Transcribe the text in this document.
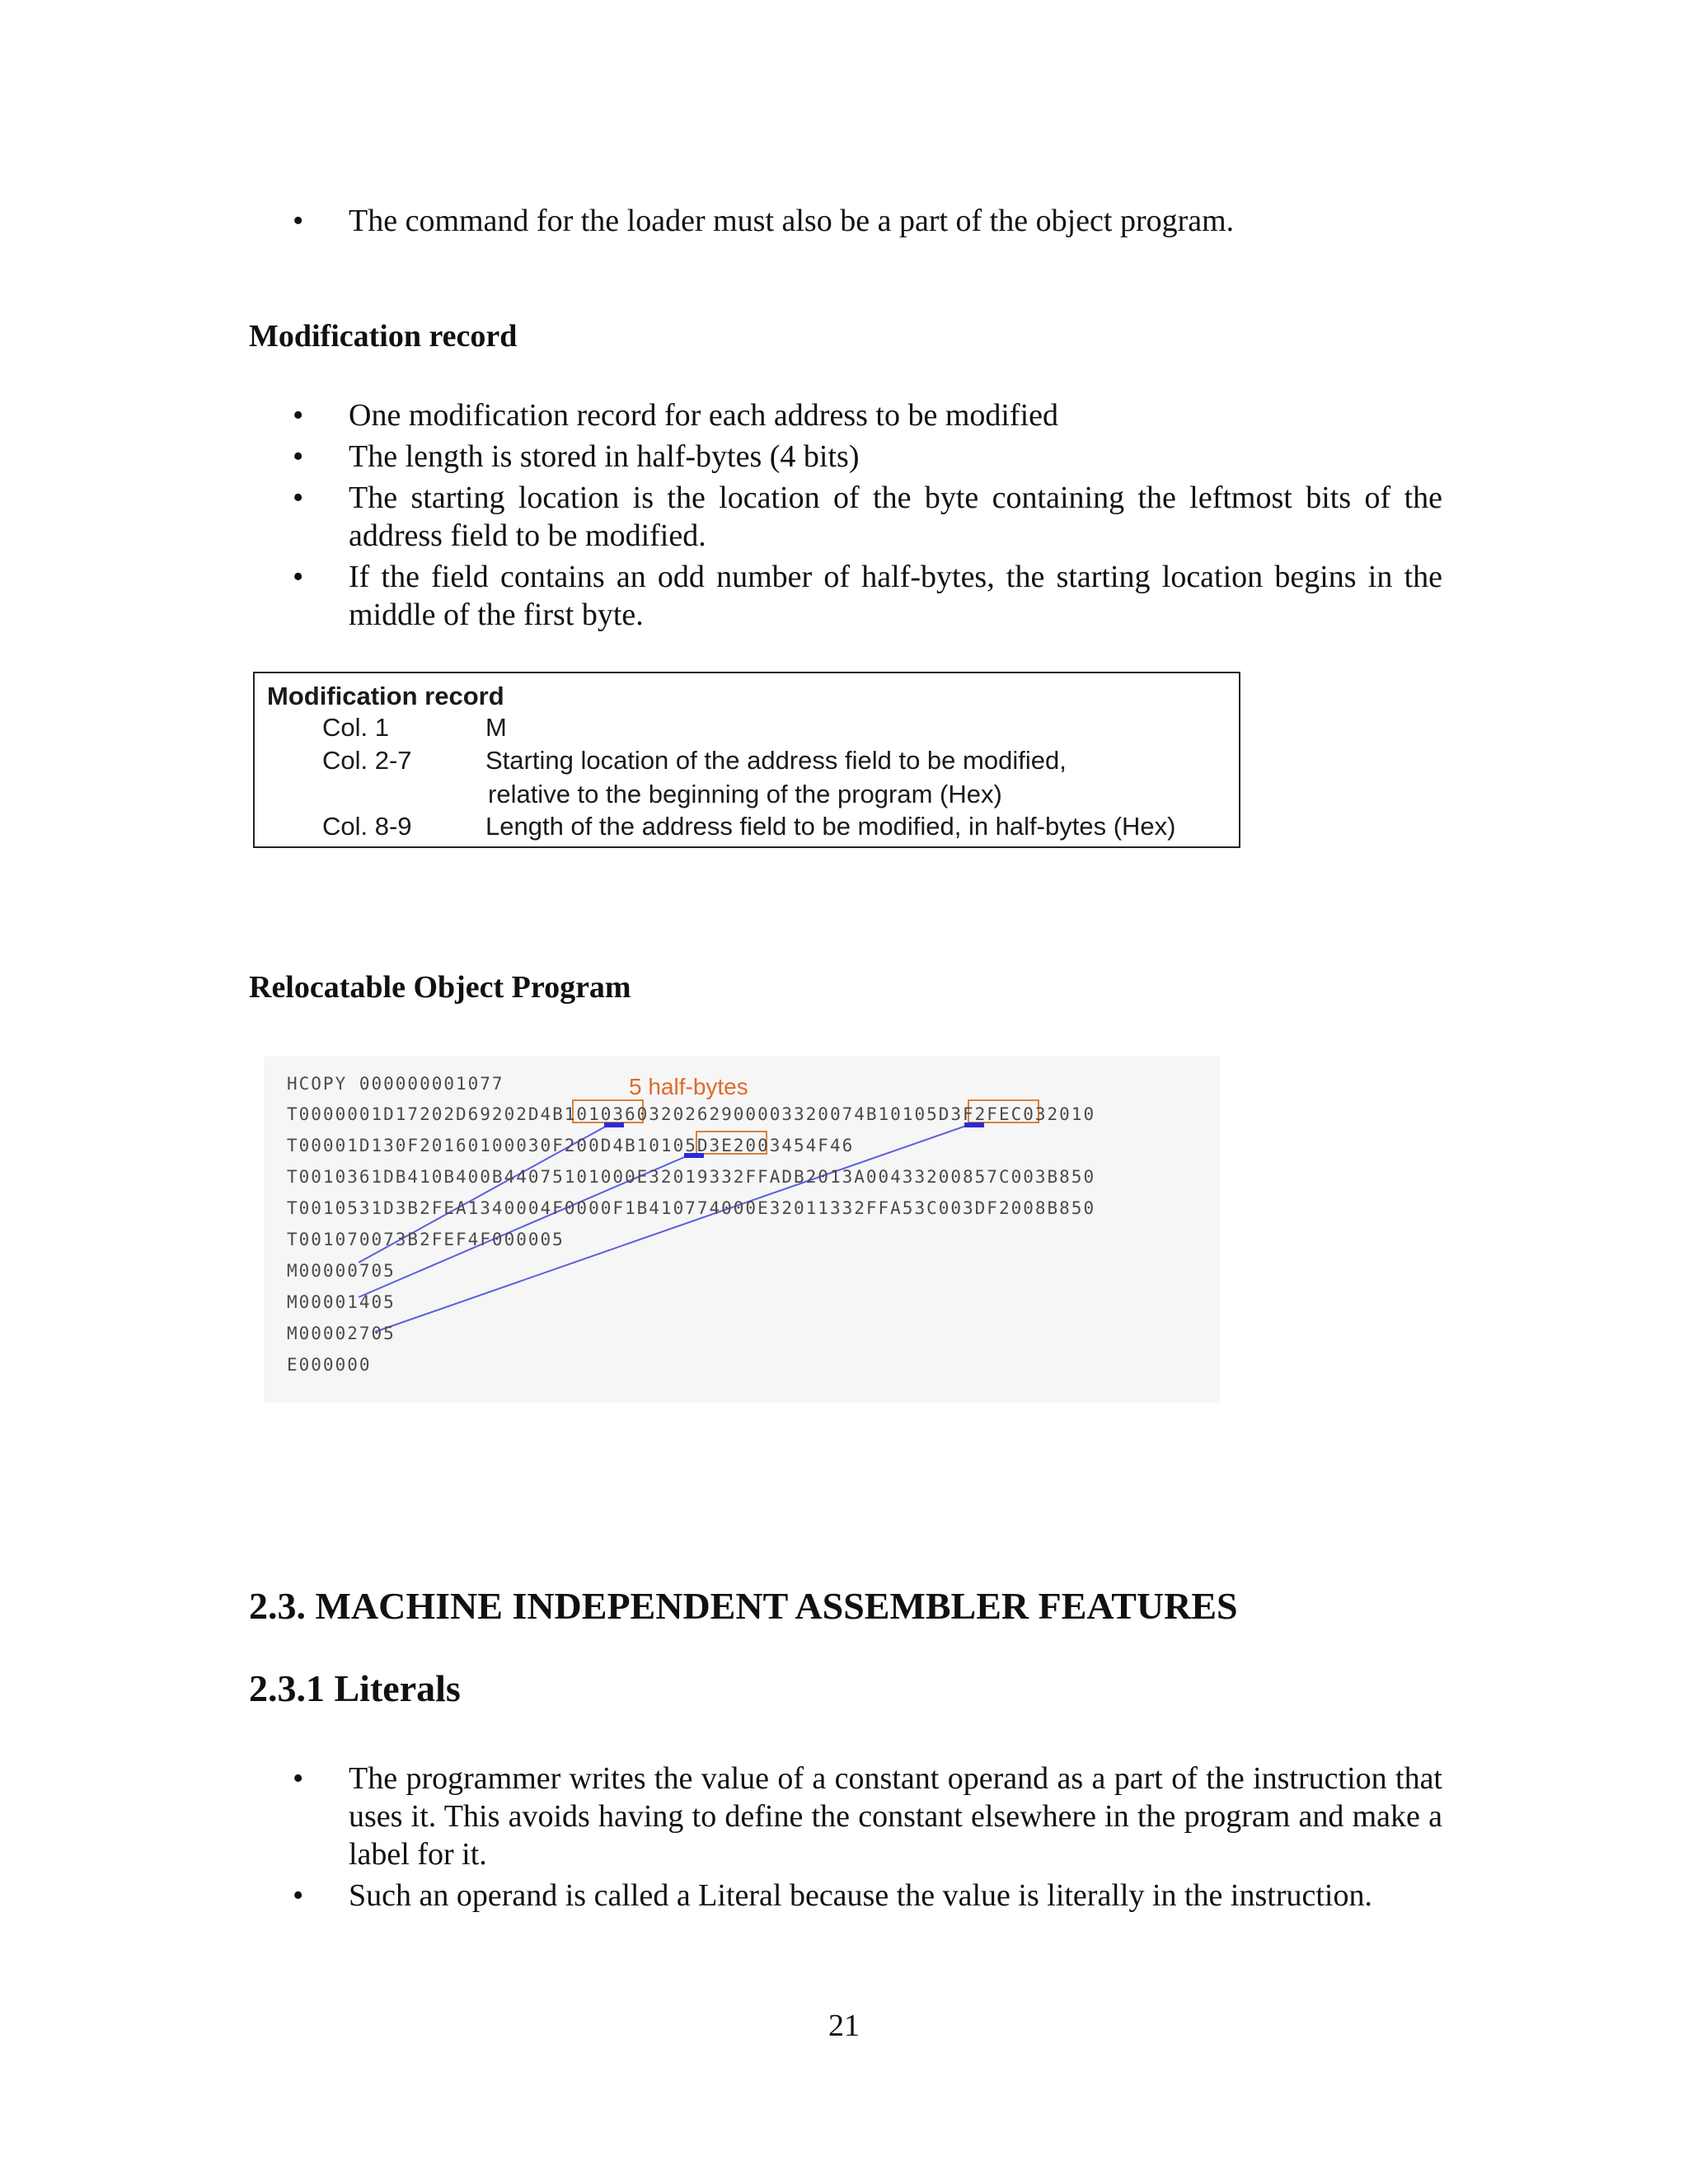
• The command for the loader must also be a part of the object program.
Modification record
• One modification record for each address to be modified
• The length is stored in half-bytes (4 bits)
• The starting location is the location of the byte containing the leftmost bits of the address field to be modified.
• If the field contains an odd number of half-bytes, the starting location begins in the middle of the first byte.
Modification record
Col. 1	M
Col. 2-7	Starting location of the address field to be modified,
relative to the beginning of the program (Hex)
Col. 8-9	Length of the address field to be modified, in half-bytes (Hex)
Relocatable Object Program
5 half-bytes
HCOPY 000000001077
T0000001D17202D69202D4B1010360320262900003320074B10105D3F2FEC032010
T00001D130F20160100030F200D4B10105D3E2003454F46
T0010361DB410B400B44075101000E32019332FFADB2013A00433200857C003B850
T0010531D3B2FEA1340004F0000F1B410774000E32011332FFA53C003DF2008B850
T001070073B2FEF4F000005
M00000705
M00001405
M00002705
E000000
2.3. MACHINE INDEPENDENT ASSEMBLER FEATURES
2.3.1 Literals
• The programmer writes the value of a constant operand as a part of the instruction that uses it. This avoids having to define the constant elsewhere in the program and make a label for it.
• Such an operand is called a Literal because the value is literally in the instruction.
21
